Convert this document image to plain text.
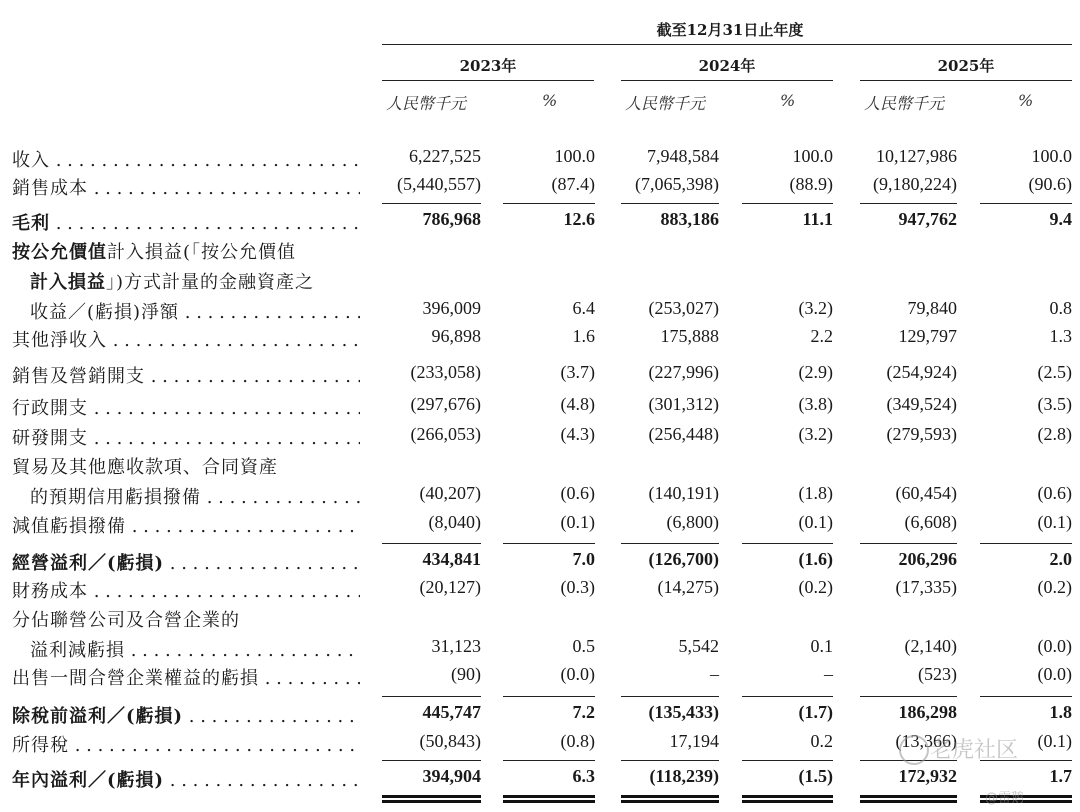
截至12月31日止年度
2023年	2024年	2025年
人民幣千元	%	人民幣千元	%	人民幣千元	%
收入 . . .	6,227,525	100.0	7,948,584	100.0	10,127,986	100.0
銷售成本 . . .	(5,440,557)	(87.4)	(7,065,398)	(88.9)	(9,180,224)	(90.6)
毛利 . . .	786,968	12.6	883,186	11.1	947,762	9.4
按公允價值計入損益(「按公允價值
計入損益」)方式計量的金融資產之
收益／(虧損)淨額 . . .	396,009	6.4	(253,027)	(3.2)	79,840	0.8
其他淨收入 . . .	96,898	1.6	175,888	2.2	129,797	1.3
銷售及營銷開支 . . .	(233,058)	(3.7)	(227,996)	(2.9)	(254,924)	(2.5)
行政開支 . . .	(297,676)	(4.8)	(301,312)	(3.8)	(349,524)	(3.5)
研發開支 . . .	(266,053)	(4.3)	(256,448)	(3.2)	(279,593)	(2.8)
貿易及其他應收款項、合同資產
的預期信用虧損撥備 . . .	(40,207)	(0.6)	(140,191)	(1.8)	(60,454)	(0.6)
減值虧損撥備 . . .	(8,040)	(0.1)	(6,800)	(0.1)	(6,608)	(0.1)
經營溢利／(虧損) . . .	434,841	7.0	(126,700)	(1.6)	206,296	2.0
財務成本 . . .	(20,127)	(0.3)	(14,275)	(0.2)	(17,335)	(0.2)
分佔聯營公司及合營企業的
溢利減虧損 . . .	31,123	0.5	5,542	0.1	(2,140)	(0.0)
出售一間合營企業權益的虧損 . . .	(90)	(0.0)	–	–	(523)	(0.0)
除稅前溢利／(虧損) . . .	445,747	7.2	(135,433)	(1.7)	186,298	1.8
所得稅 . . .	(50,843)	(0.8)	17,194	0.2	(13,366)	(0.1)
年內溢利／(虧損) . . .	394,904	6.3	(118,239)	(1.5)	172,932	1.7
老虎社区
@雷鹅
